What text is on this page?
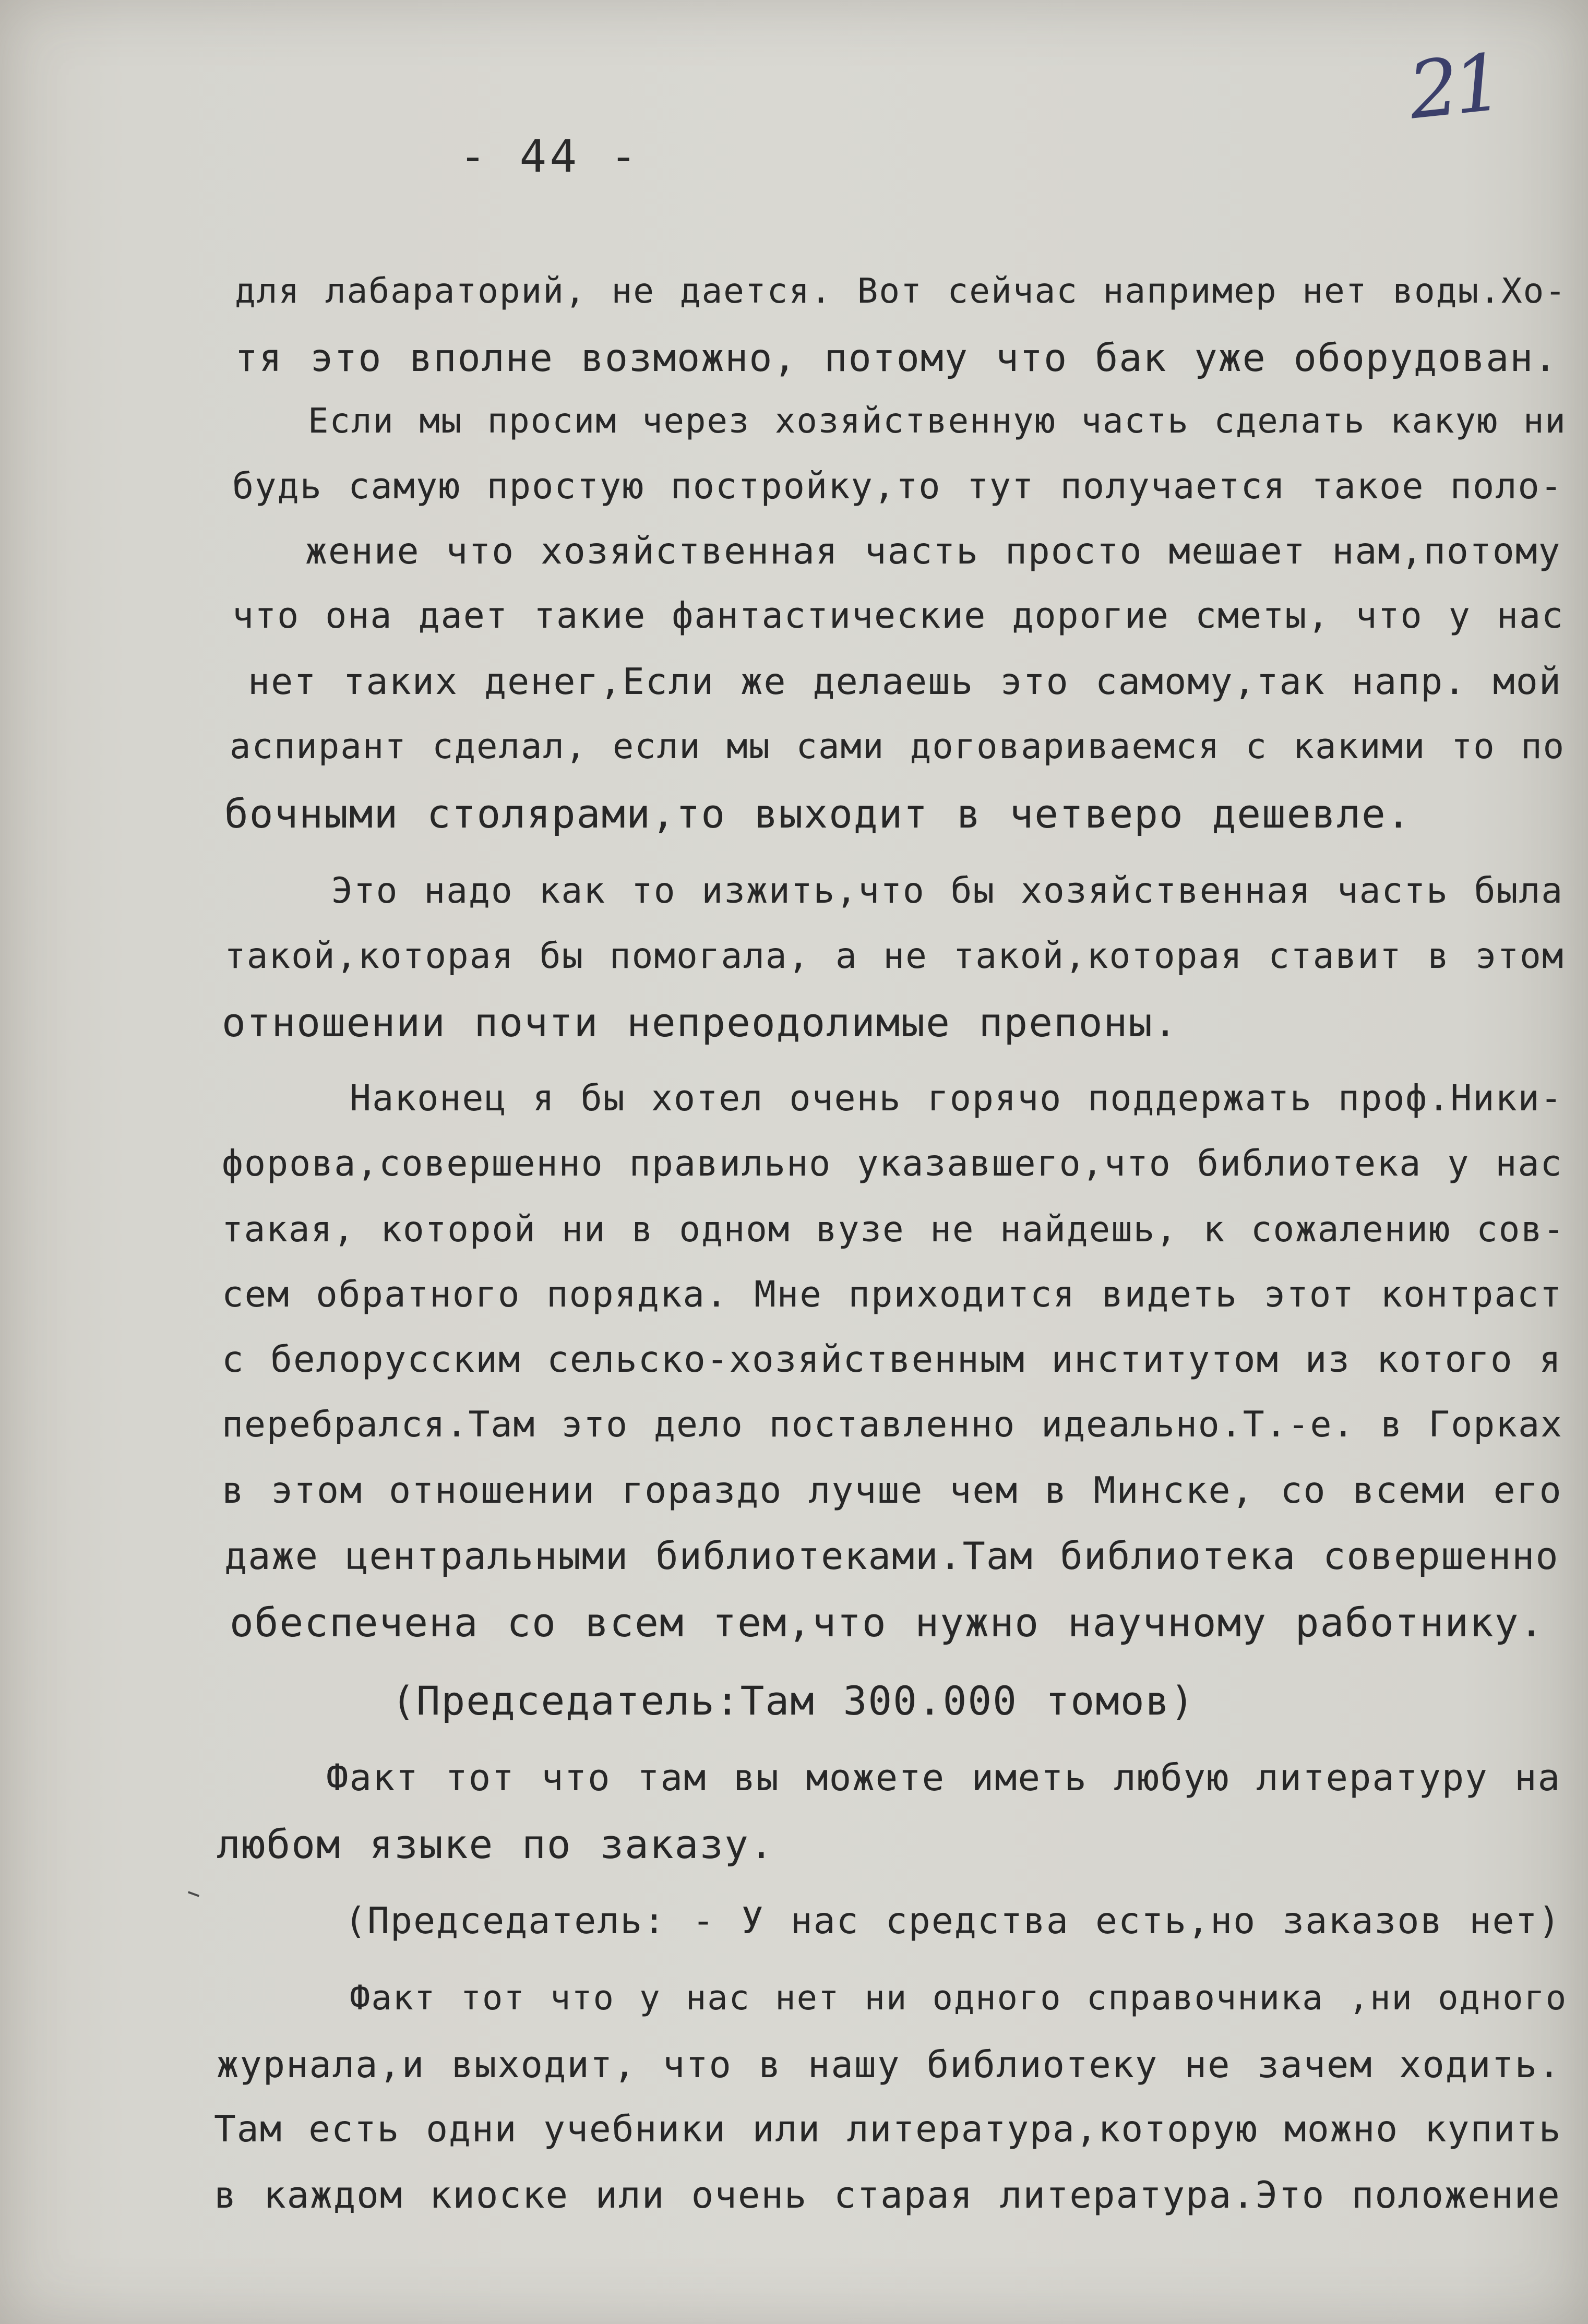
21
- 44 -
для лабараторий, не дается. Вот сейчас например нет воды.Хо-
тя это вполне возможно, потому что бак уже оборудован.
Если мы просим через хозяйственную часть сделать какую ни
будь самую простую постройку,то тут получается такое поло-
жение что хозяйственная часть просто мешает нам,потому
что она дает такие фантастические дорогие сметы, что у нас
нет таких денег,Если же делаешь это самому,так напр. мой
аспирант сделал, если мы сами договариваемся с какими то по
бочными столярами,то выходит в четверо дешевле.
Это надо как то изжить,что бы хозяйственная часть была
такой,которая бы помогала, а не такой,которая ставит в этом
отношении почти непреодолимые препоны.
Наконец я бы хотел очень горячо поддержать проф.Ники-
форова,совершенно правильно указавшего,что библиотека у нас
такая, которой ни в одном вузе не найдешь, к сожалению сов-
сем обратного порядка. Мне приходится видеть этот контраст
с белорусским сельско-хозяйственным институтом из котого я
перебрался.Там это дело поставленно идеально.Т.-е. в Горках
в этом отношении гораздо лучше чем в Минске, со всеми его
даже центральными библиотеками.Там библиотека совершенно
обеспечена со всем тем,что нужно научному работнику.
(Председатель:Там 300.000 томов)
Факт тот что там вы можете иметь любую литературу на
любом языке по заказу.
(Председатель: - У нас средства есть,но заказов нет)
Факт тот что у нас нет ни одного справочника ,ни одного
журнала,и выходит, что в нашу библиотеку не зачем ходить.
Там есть одни учебники или литература,которую можно купить
в каждом киоске или очень старая литература.Это положение
